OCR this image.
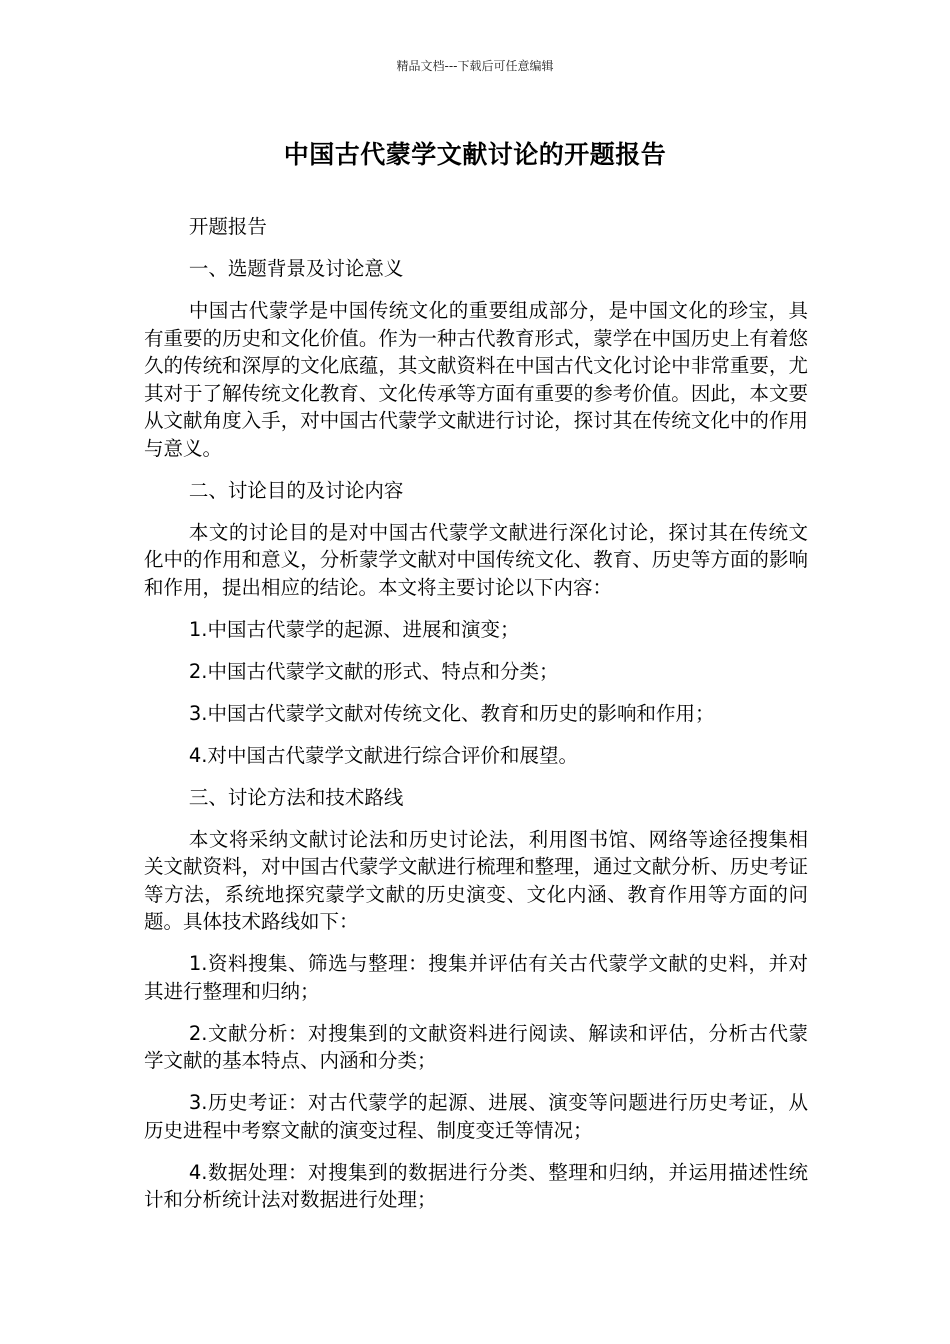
精品文档---下载后可任意编辑
中国古代蒙学文献讨论的开题报告

开题报告

一、选题背景及讨论意义

中国古代蒙学是中国传统文化的重要组成部分，是中国文化的珍宝，具有重要的历史和文化价值。作为一种古代教育形式，蒙学在中国历史上有着悠久的传统和深厚的文化底蕴，其文献资料在中国古代文化讨论中非常重要，尤其对于了解传统文化教育、文化传承等方面有重要的参考价值。因此，本文要从文献角度入手，对中国古代蒙学文献进行讨论，探讨其在传统文化中的作用与意义。

二、讨论目的及讨论内容

本文的讨论目的是对中国古代蒙学文献进行深化讨论，探讨其在传统文化中的作用和意义，分析蒙学文献对中国传统文化、教育、历史等方面的影响和作用，提出相应的结论。本文将主要讨论以下内容：

1.中国古代蒙学的起源、进展和演变；

2.中国古代蒙学文献的形式、特点和分类；

3.中国古代蒙学文献对传统文化、教育和历史的影响和作用；

4.对中国古代蒙学文献进行综合评价和展望。

三、讨论方法和技术路线

本文将采纳文献讨论法和历史讨论法，利用图书馆、网络等途径搜集相关文献资料，对中国古代蒙学文献进行梳理和整理，通过文献分析、历史考证等方法，系统地探究蒙学文献的历史演变、文化内涵、教育作用等方面的问题。具体技术路线如下：

1.资料搜集、筛选与整理：搜集并评估有关古代蒙学文献的史料，并对其进行整理和归纳；

2.文献分析：对搜集到的文献资料进行阅读、解读和评估，分析古代蒙学文献的基本特点、内涵和分类；

3.历史考证：对古代蒙学的起源、进展、演变等问题进行历史考证，从历史进程中考察文献的演变过程、制度变迁等情况；

4.数据处理：对搜集到的数据进行分类、整理和归纳，并运用描述性统计和分析统计法对数据进行处理；
